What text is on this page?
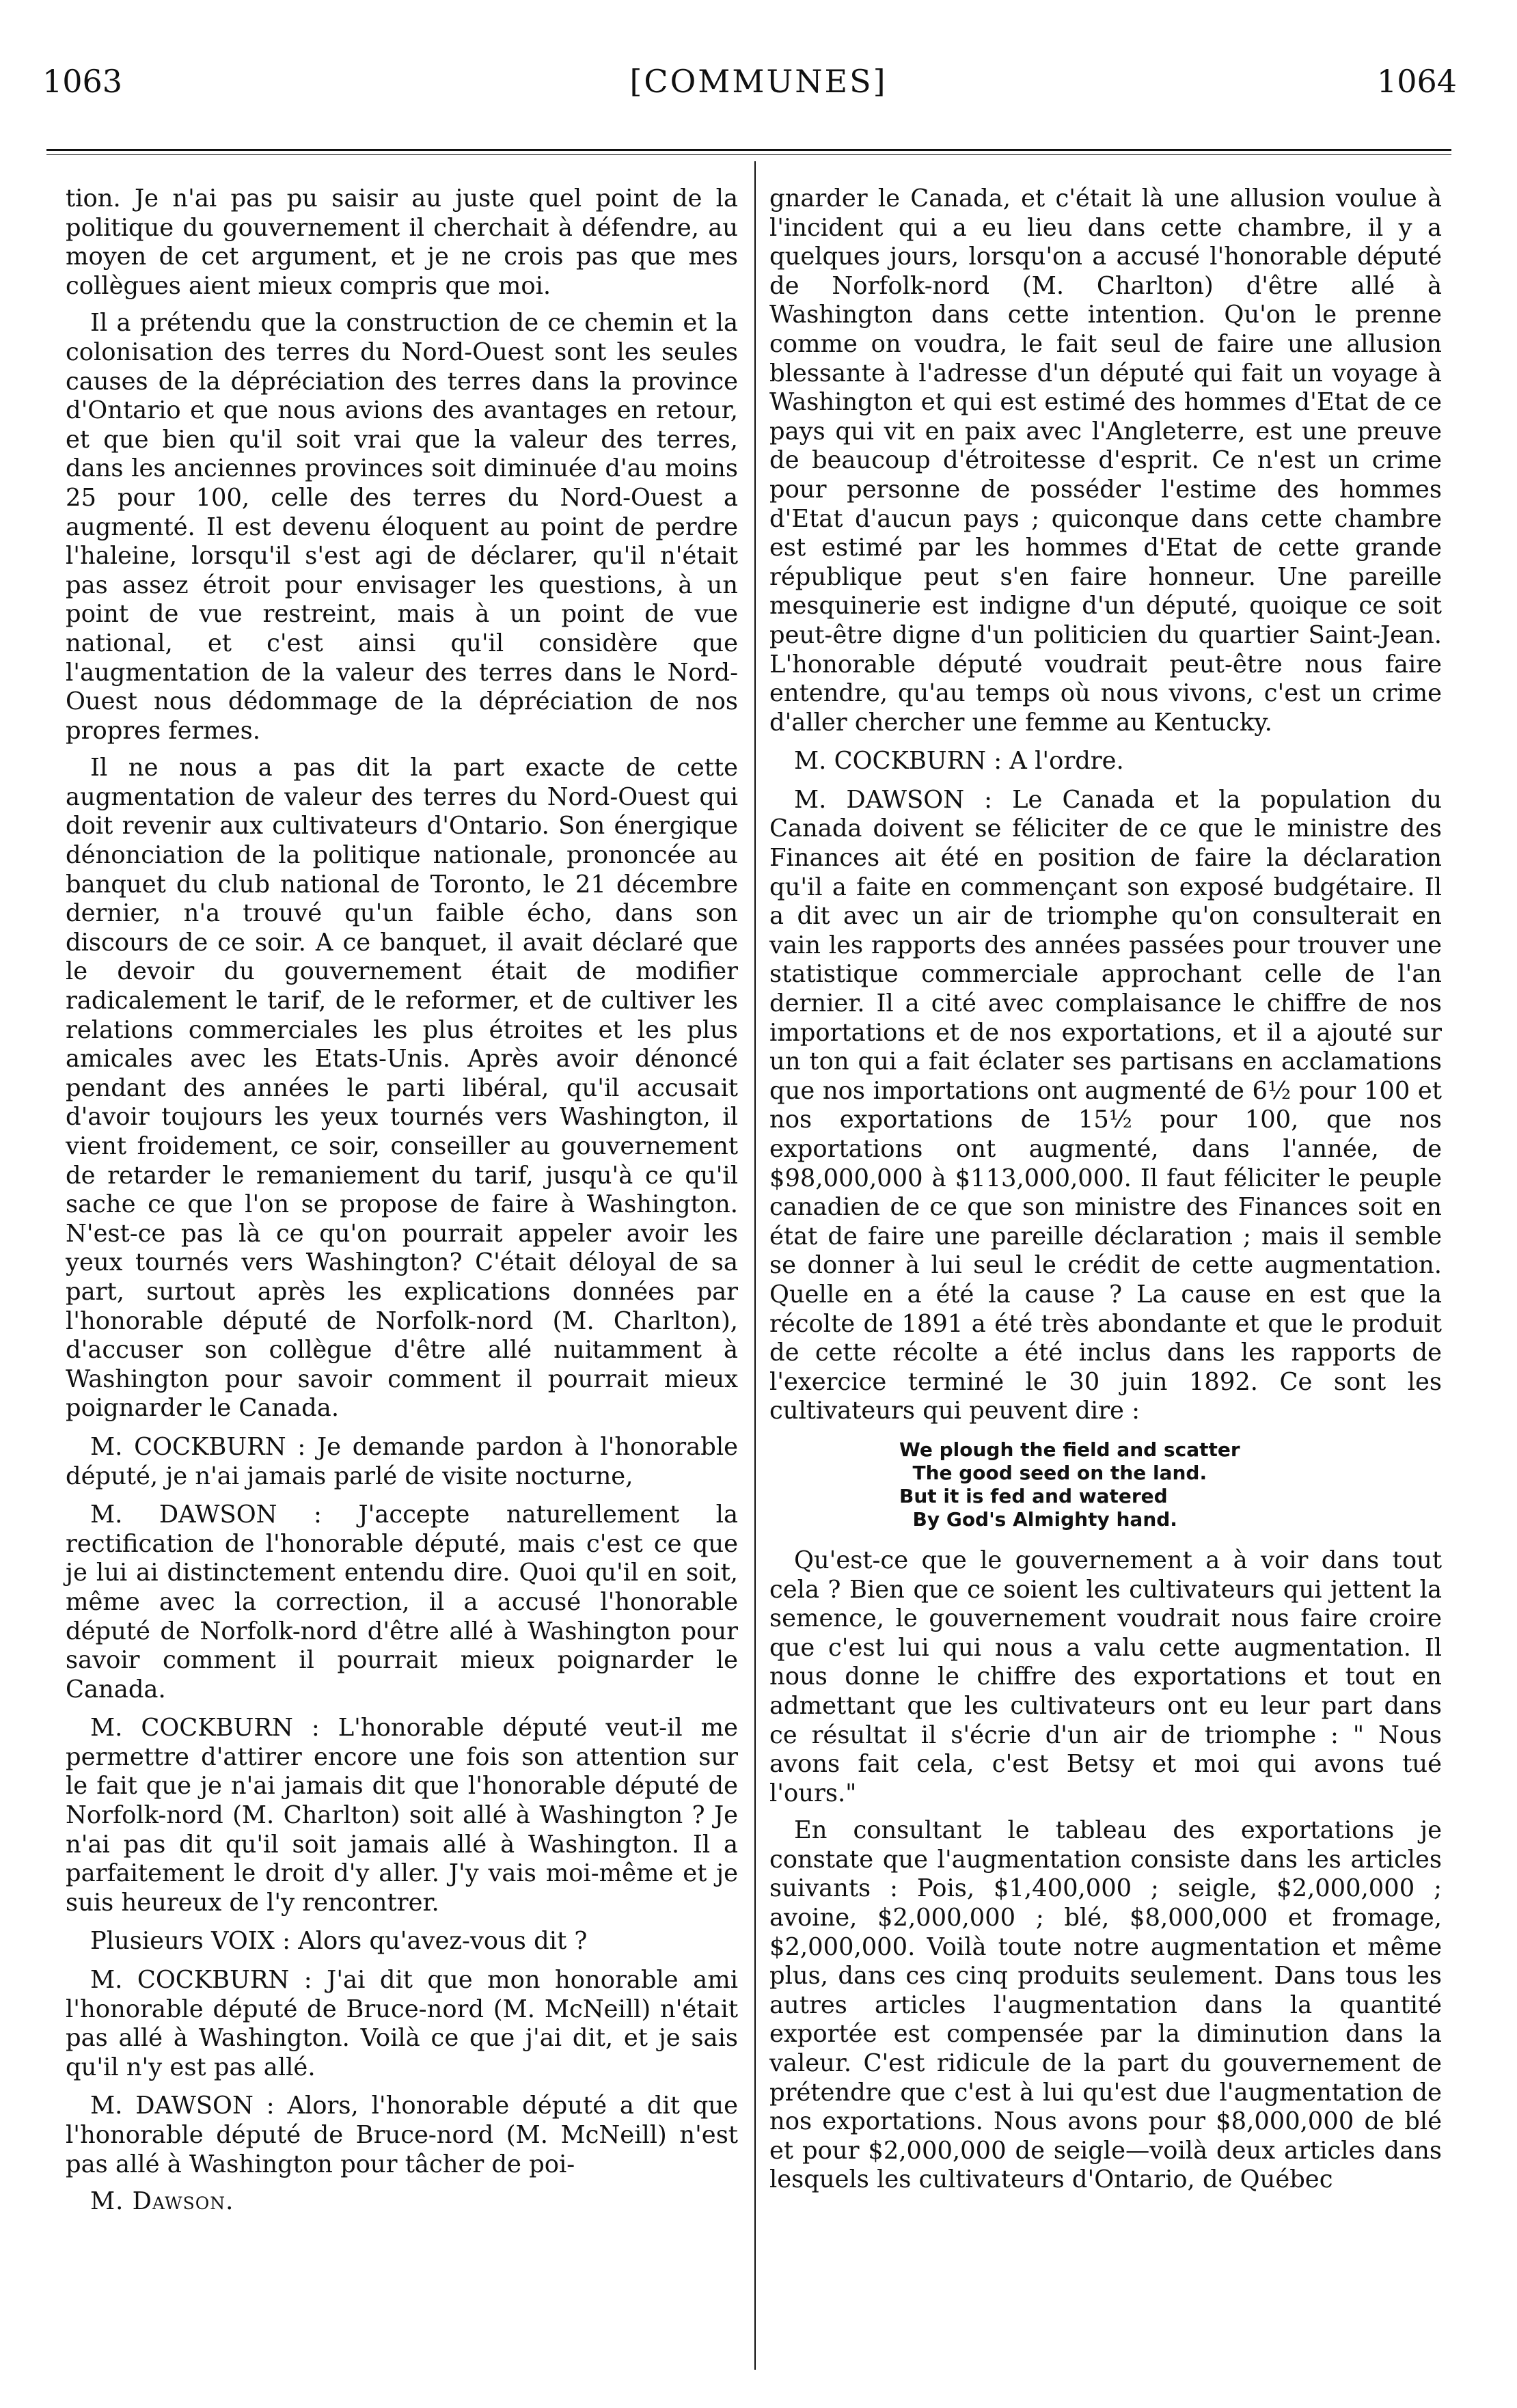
1063	[COMMUNES]	1064

tion. Je n'ai pas pu saisir au juste quel point de la politique du gouvernement il cherchait à défendre, au moyen de cet argument, et je ne crois pas que mes collègues aient mieux compris que moi.

Il a prétendu que la construction de ce chemin et la colonisation des terres du Nord-Ouest sont les seules causes de la dépréciation des terres dans la province d'Ontario et que nous avions des avantages en retour, et que bien qu'il soit vrai que la valeur des terres, dans les anciennes provinces soit diminuée d'au moins 25 pour 100, celle des terres du Nord-Ouest a augmenté. Il est devenu éloquent au point de perdre l'haleine, lorsqu'il s'est agi de déclarer, qu'il n'était pas assez étroit pour envisager les questions, à un point de vue restreint, mais à un point de vue national, et c'est ainsi qu'il considère que l'augmentation de la valeur des terres dans le Nord-Ouest nous dédommage de la dépréciation de nos propres fermes.

Il ne nous a pas dit la part exacte de cette augmentation de valeur des terres du Nord-Ouest qui doit revenir aux cultivateurs d'Ontario. Son énergique dénonciation de la politique nationale, prononcée au banquet du club national de Toronto, le 21 décembre dernier, n'a trouvé qu'un faible écho, dans son discours de ce soir. A ce banquet, il avait déclaré que le devoir du gouvernement était de modifier radicalement le tarif, de le reformer, et de cultiver les relations commerciales les plus étroites et les plus amicales avec les Etats-Unis. Après avoir dénoncé pendant des années le parti libéral, qu'il accusait d'avoir toujours les yeux tournés vers Washington, il vient froidement, ce soir, conseiller au gouvernement de retarder le remaniement du tarif, jusqu'à ce qu'il sache ce que l'on se propose de faire à Washington. N'est-ce pas là ce qu'on pourrait appeler avoir les yeux tournés vers Washington? C'était déloyal de sa part, surtout après les explications données par l'honorable député de Norfolk-nord (M. Charlton), d'accuser son collègue d'être allé nuitamment à Washington pour savoir comment il pourrait mieux poignarder le Canada.

M. COCKBURN : Je demande pardon à l'honorable député, je n'ai jamais parlé de visite nocturne,

M. DAWSON : J'accepte naturellement la rectification de l'honorable député, mais c'est ce que je lui ai distinctement entendu dire. Quoi qu'il en soit, même avec la correction, il a accusé l'honorable député de Norfolk-nord d'être allé à Washington pour savoir comment il pourrait mieux poignarder le Canada.

M. COCKBURN : L'honorable député veut-il me permettre d'attirer encore une fois son attention sur le fait que je n'ai jamais dit que l'honorable député de Norfolk-nord (M. Charlton) soit allé à Washington ? Je n'ai pas dit qu'il soit jamais allé à Washington. Il a parfaitement le droit d'y aller. J'y vais moi-même et je suis heureux de l'y rencontrer.

Plusieurs VOIX : Alors qu'avez-vous dit ?

M. COCKBURN : J'ai dit que mon honorable ami l'honorable député de Bruce-nord (M. McNeill) n'était pas allé à Washington. Voilà ce que j'ai dit, et je sais qu'il n'y est pas allé.

M. DAWSON : Alors, l'honorable député a dit que l'honorable député de Bruce-nord (M. McNeill) n'est pas allé à Washington pour tâcher de poi-

M. Dawson.

gnarder le Canada, et c'était là une allusion voulue à l'incident qui a eu lieu dans cette chambre, il y a quelques jours, lorsqu'on a accusé l'honorable député de Norfolk-nord (M. Charlton) d'être allé à Washington dans cette intention. Qu'on le prenne comme on voudra, le fait seul de faire une allusion blessante à l'adresse d'un député qui fait un voyage à Washington et qui est estimé des hommes d'Etat de ce pays qui vit en paix avec l'Angleterre, est une preuve de beaucoup d'étroitesse d'esprit. Ce n'est un crime pour personne de posséder l'estime des hommes d'Etat d'aucun pays ; quiconque dans cette chambre est estimé par les hommes d'Etat de cette grande république peut s'en faire honneur. Une pareille mesquinerie est indigne d'un député, quoique ce soit peut-être digne d'un politicien du quartier Saint-Jean. L'honorable député voudrait peut-être nous faire entendre, qu'au temps où nous vivons, c'est un crime d'aller chercher une femme au Kentucky.

M. COCKBURN : A l'ordre.

M. DAWSON : Le Canada et la population du Canada doivent se féliciter de ce que le ministre des Finances ait été en position de faire la déclaration qu'il a faite en commençant son exposé budgétaire. Il a dit avec un air de triomphe qu'on consulterait en vain les rapports des années passées pour trouver une statistique commerciale approchant celle de l'an dernier. Il a cité avec complaisance le chiffre de nos importations et de nos exportations, et il a ajouté sur un ton qui a fait éclater ses partisans en acclamations que nos importations ont augmenté de 6½ pour 100 et nos exportations de 15½ pour 100, que nos exportations ont augmenté, dans l'année, de $98,000,000 à $113,000,000. Il faut féliciter le peuple canadien de ce que son ministre des Finances soit en état de faire une pareille déclaration ; mais il semble se donner à lui seul le crédit de cette augmentation. Quelle en a été la cause ? La cause en est que la récolte de 1891 a été très abondante et que le produit de cette récolte a été inclus dans les rapports de l'exercice terminé le 30 juin 1892. Ce sont les cultivateurs qui peuvent dire :

We plough the field and scatter
The good seed on the land.
But it is fed and watered
By God's Almighty hand.

Qu'est-ce que le gouvernement a à voir dans tout cela ? Bien que ce soient les cultivateurs qui jettent la semence, le gouvernement voudrait nous faire croire que c'est lui qui nous a valu cette augmentation. Il nous donne le chiffre des exportations et tout en admettant que les cultivateurs ont eu leur part dans ce résultat il s'écrie d'un air de triomphe : " Nous avons fait cela, c'est Betsy et moi qui avons tué l'ours."

En consultant le tableau des exportations je constate que l'augmentation consiste dans les articles suivants : Pois, $1,400,000 ; seigle, $2,000,000 ; avoine, $2,000,000 ; blé, $8,000,000 et fromage, $2,000,000. Voilà toute notre augmentation et même plus, dans ces cinq produits seulement. Dans tous les autres articles l'augmentation dans la quantité exportée est compensée par la diminution dans la valeur. C'est ridicule de la part du gouvernement de prétendre que c'est à lui qu'est due l'augmentation de nos exportations. Nous avons pour $8,000,000 de blé et pour $2,000,000 de seigle—voilà deux articles dans lesquels les cultivateurs d'Ontario, de Québec
